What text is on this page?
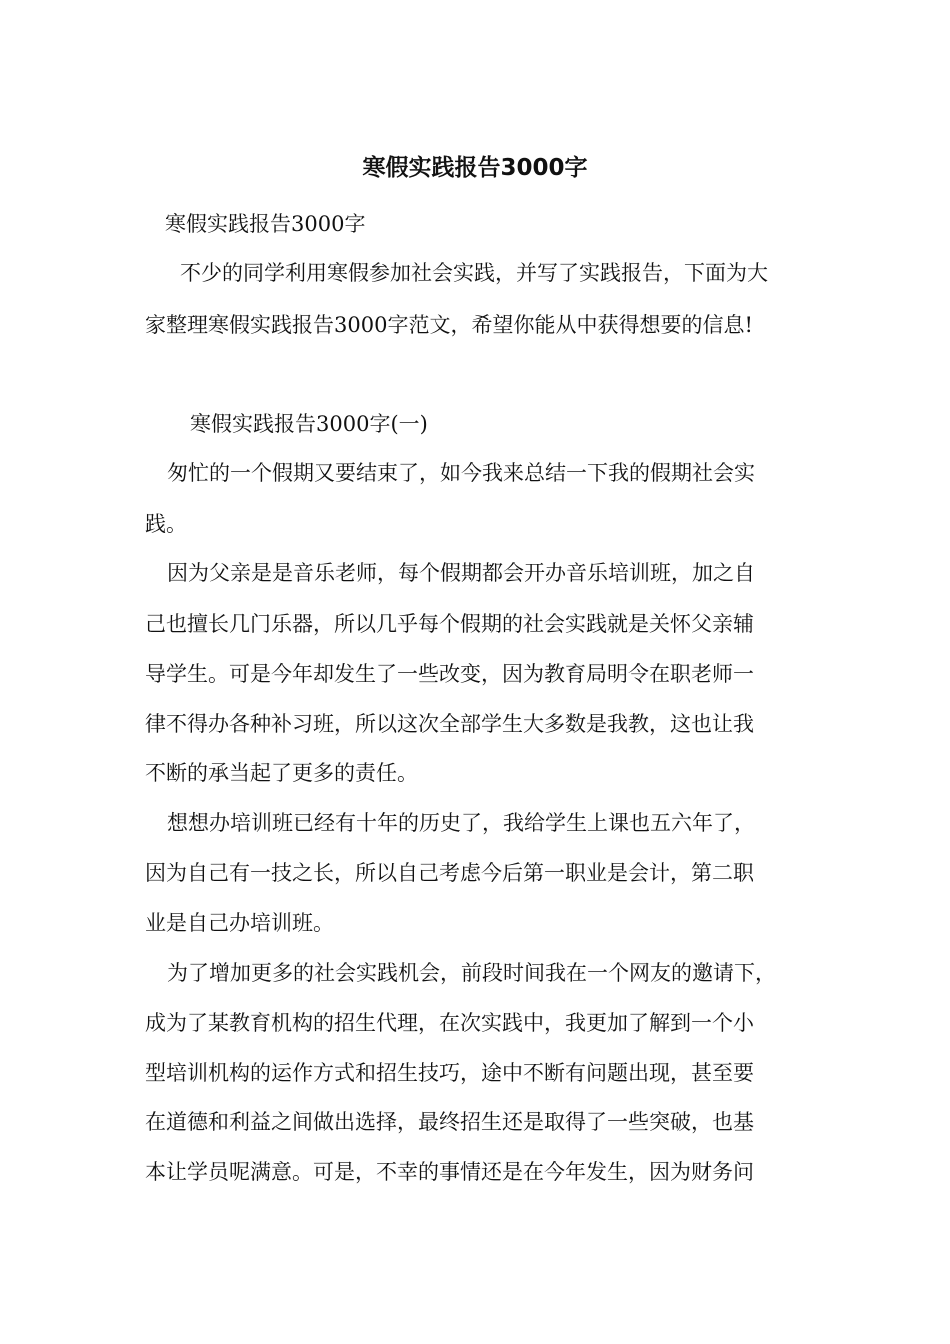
寒假实践报告3000字

寒假实践报告3000字

不少的同学利用寒假参加社会实践，并写了实践报告，下面为大

家整理寒假实践报告3000字范文，希望你能从中获得想要的信息!

寒假实践报告3000字(一)

匆忙的一个假期又要结束了，如今我来总结一下我的假期社会实

践。

因为父亲是是音乐老师，每个假期都会开办音乐培训班，加之自

己也擅长几门乐器，所以几乎每个假期的社会实践就是关怀父亲辅

导学生。可是今年却发生了一些改变，因为教育局明令在职老师一

律不得办各种补习班，所以这次全部学生大多数是我教，这也让我

不断的承当起了更多的责任。

想想办培训班已经有十年的历史了，我给学生上课也五六年了，

因为自己有一技之长，所以自己考虑今后第一职业是会计，第二职

业是自己办培训班。

为了增加更多的社会实践机会，前段时间我在一个网友的邀请下，

成为了某教育机构的招生代理，在次实践中，我更加了解到一个小

型培训机构的运作方式和招生技巧，途中不断有问题出现，甚至要

在道德和利益之间做出选择，最终招生还是取得了一些突破，也基

本让学员呢满意。可是，不幸的事情还是在今年发生，因为财务问
